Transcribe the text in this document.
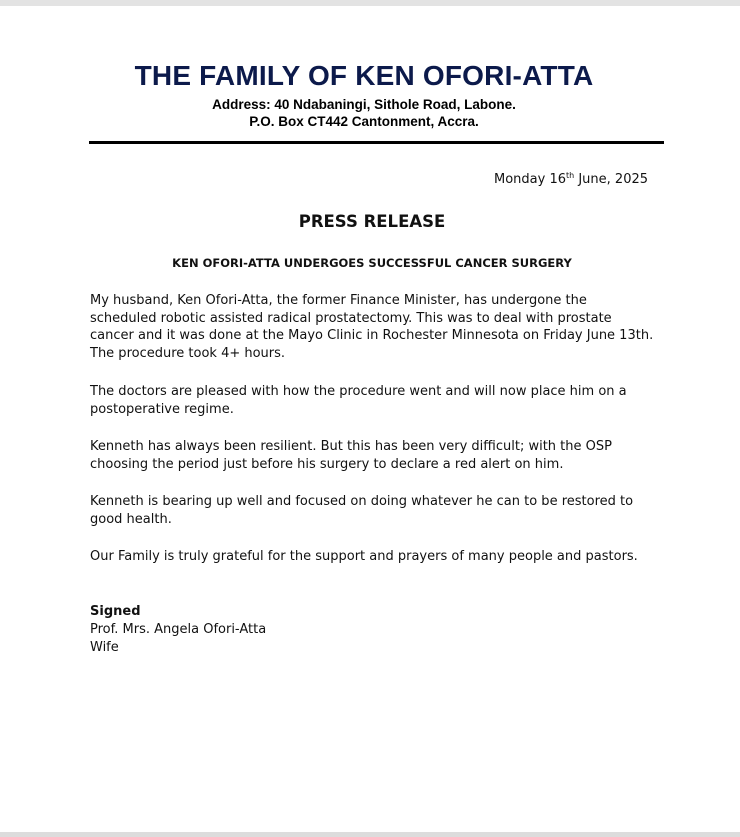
THE FAMILY OF KEN OFORI-ATTA
Address: 40 Ndabaningi, Sithole Road, Labone.
P.O. Box CT442 Cantonment, Accra.
Monday 16th June, 2025
PRESS RELEASE
KEN OFORI-ATTA UNDERGOES SUCCESSFUL CANCER SURGERY

My husband, Ken Ofori-Atta, the former Finance Minister, has undergone the scheduled robotic assisted radical prostatectomy. This was to deal with prostate cancer and it was done at the Mayo Clinic in Rochester Minnesota on Friday June 13th. The procedure took 4+ hours.

The doctors are pleased with how the procedure went and will now place him on a postoperative regime.

Kenneth has always been resilient. But this has been very difficult; with the OSP choosing the period just before his surgery to declare a red alert on him.

Kenneth is bearing up well and focused on doing whatever he can to be restored to good health.

Our Family is truly grateful for the support and prayers of many people and pastors.

Signed
Prof. Mrs. Angela Ofori-Atta
Wife
